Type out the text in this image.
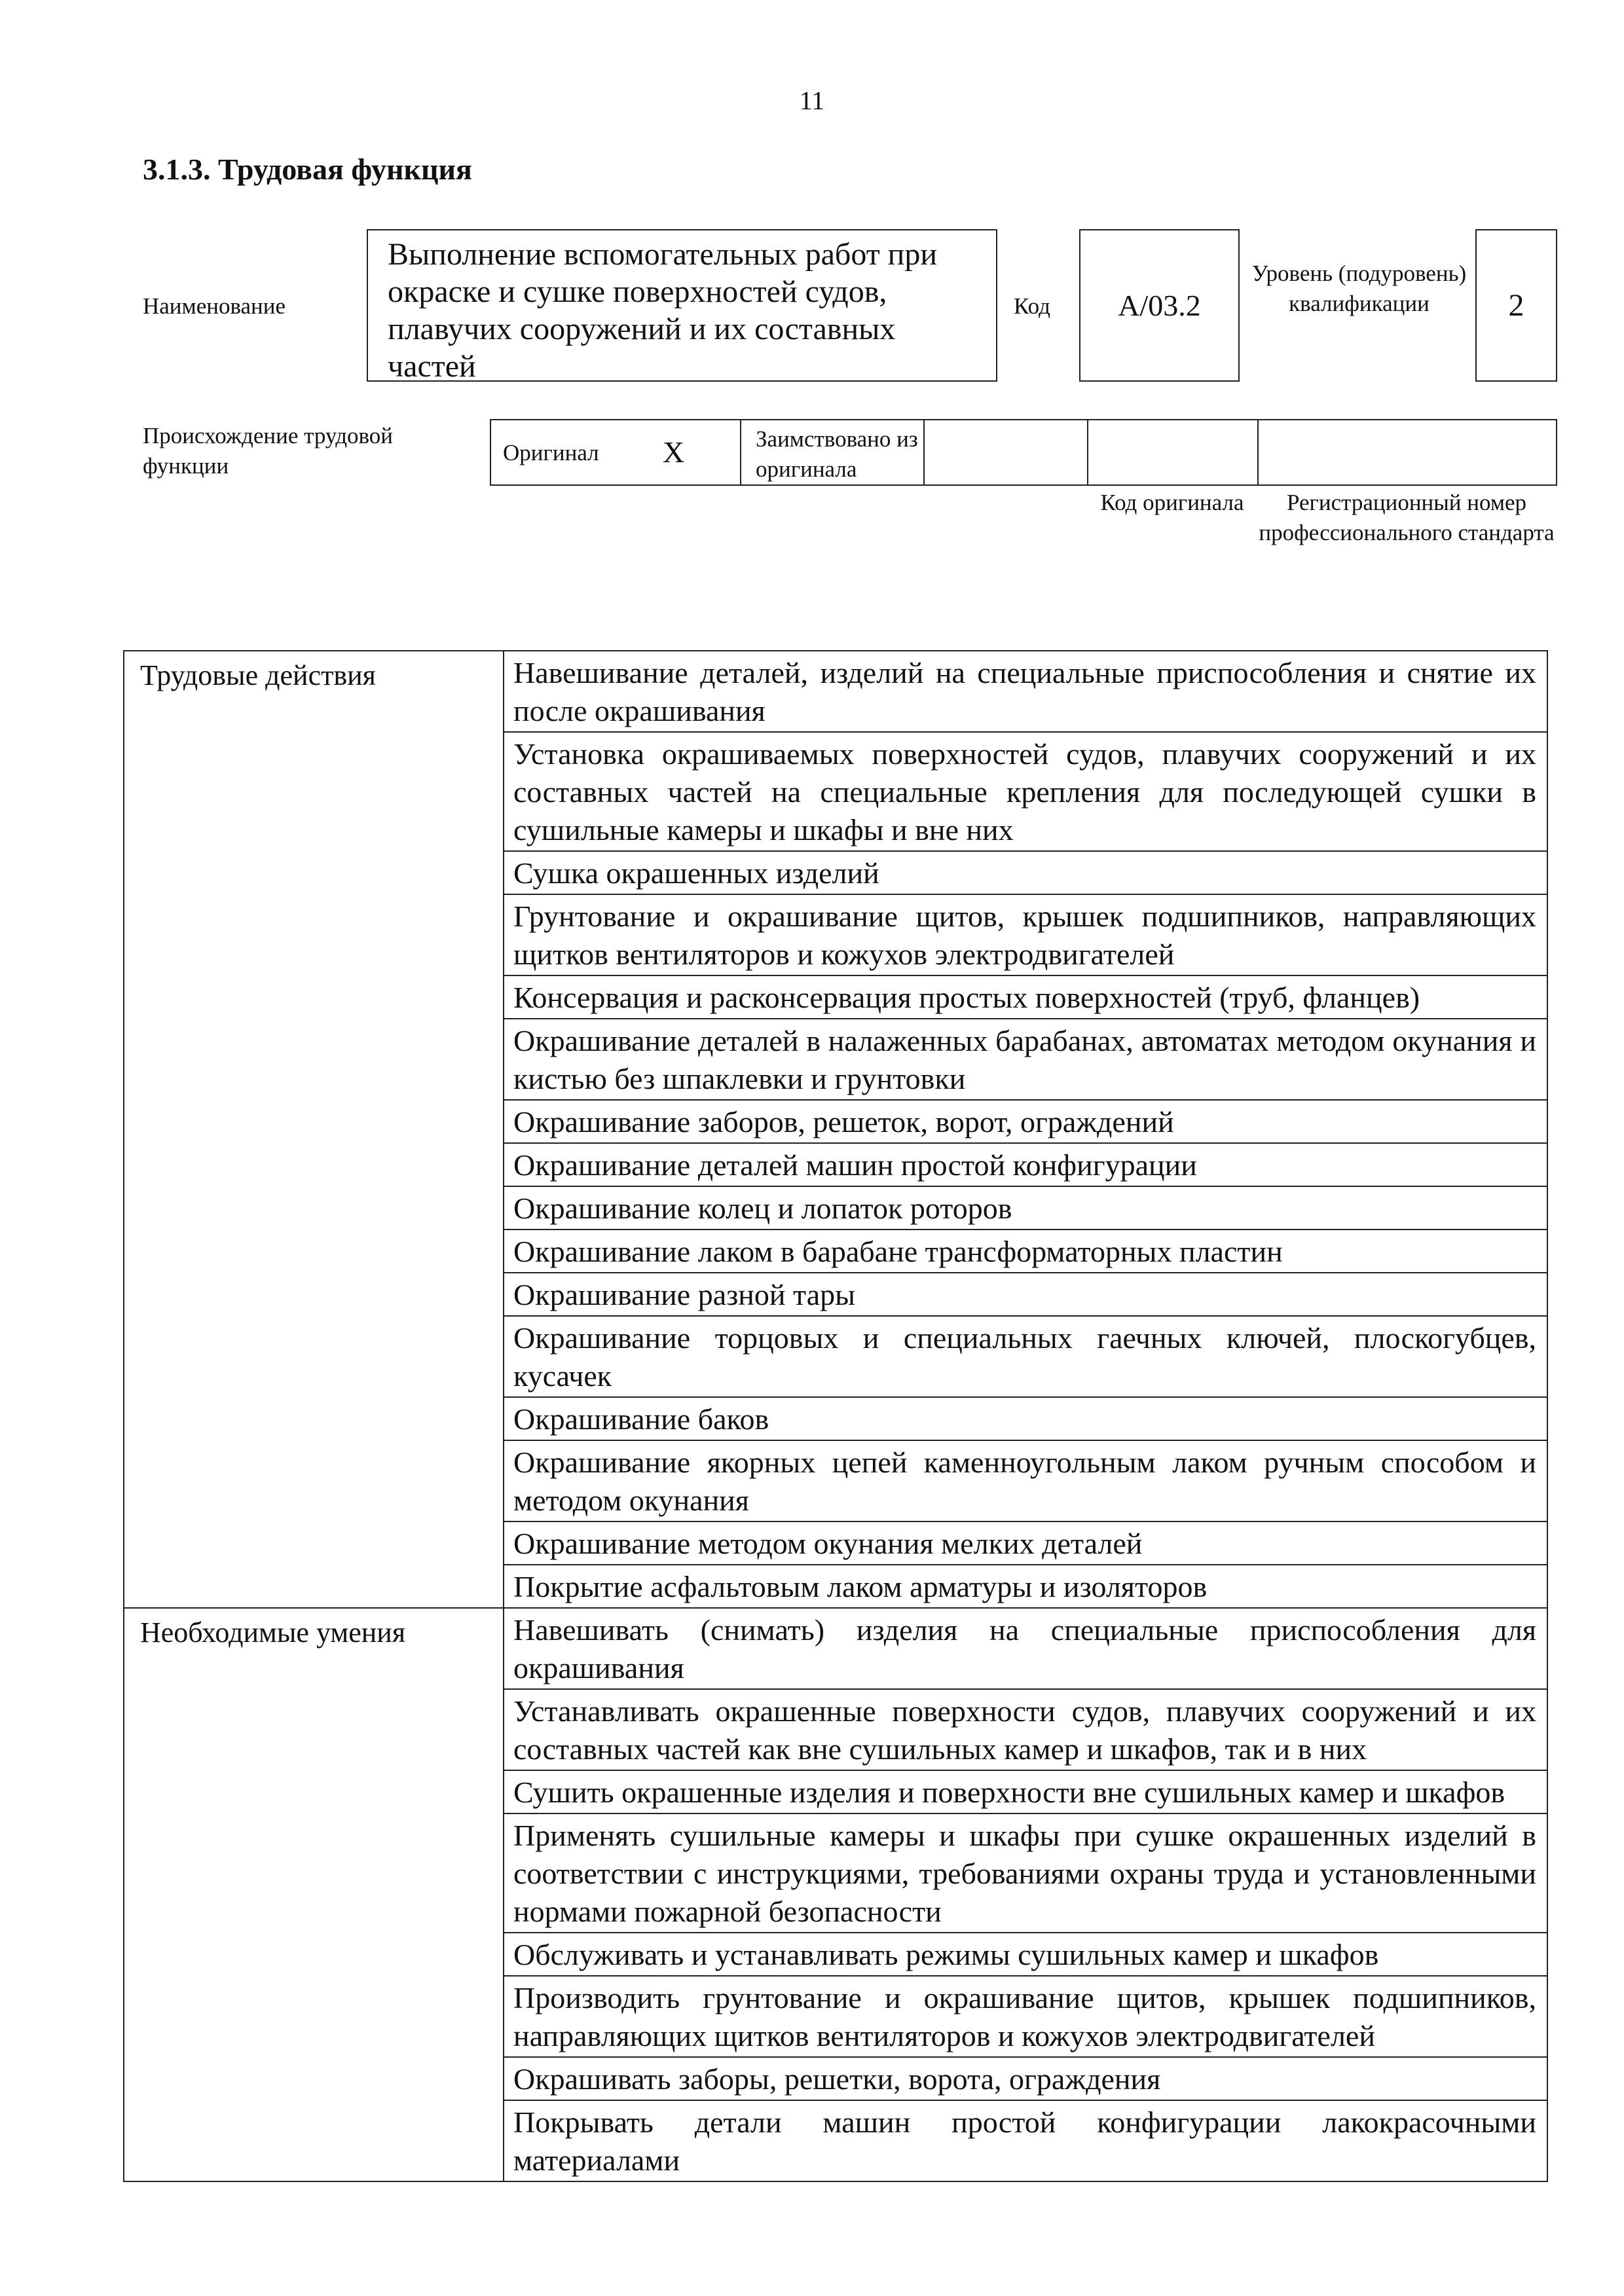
11
3.1.3. Трудовая функция
Наименование
Выполнение вспомогательных работ при окраске и сушке поверхностей судов, плавучих сооружений и их составных частей
Код	A/03.2
Уровень (подуровень) квалификации	2
Происхождение трудовой функции
Оригинал X	Заимствовано из оригинала
Код оригинала	Регистрационный номер профессионального стандарта
Трудовые действия	Навешивание деталей, изделий на специальные приспособления и снятие их после окрашивания
	Установка окрашиваемых поверхностей судов, плавучих сооружений и их составных частей на специальные крепления для последующей сушки в сушильные камеры и шкафы и вне них
	Сушка окрашенных изделий
	Грунтование и окрашивание щитов, крышек подшипников, направляющих щитков вентиляторов и кожухов электродвигателей
	Консервация и расконсервация простых поверхностей (труб, фланцев)
	Окрашивание деталей в налаженных барабанах, автоматах методом окунания и кистью без шпаклевки и грунтовки
	Окрашивание заборов, решеток, ворот, ограждений
	Окрашивание деталей машин простой конфигурации
	Окрашивание колец и лопаток роторов
	Окрашивание лаком в барабане трансформаторных пластин
	Окрашивание разной тары
	Окрашивание торцовых и специальных гаечных ключей, плоскогубцев, кусачек
	Окрашивание баков
	Окрашивание якорных цепей каменноугольным лаком ручным способом и методом окунания
	Окрашивание методом окунания мелких деталей
	Покрытие асфальтовым лаком арматуры и изоляторов
Необходимые умения	Навешивать (снимать) изделия на специальные приспособления для окрашивания
	Устанавливать окрашенные поверхности судов, плавучих сооружений и их составных частей как вне сушильных камер и шкафов, так и в них
	Сушить окрашенные изделия и поверхности вне сушильных камер и шкафов
	Применять сушильные камеры и шкафы при сушке окрашенных изделий в соответствии с инструкциями, требованиями охраны труда и установленными нормами пожарной безопасности
	Обслуживать и устанавливать режимы сушильных камер и шкафов
	Производить грунтование и окрашивание щитов, крышек подшипников, направляющих щитков вентиляторов и кожухов электродвигателей
	Окрашивать заборы, решетки, ворота, ограждения
	Покрывать детали машин простой конфигурации лакокрасочными материалами
